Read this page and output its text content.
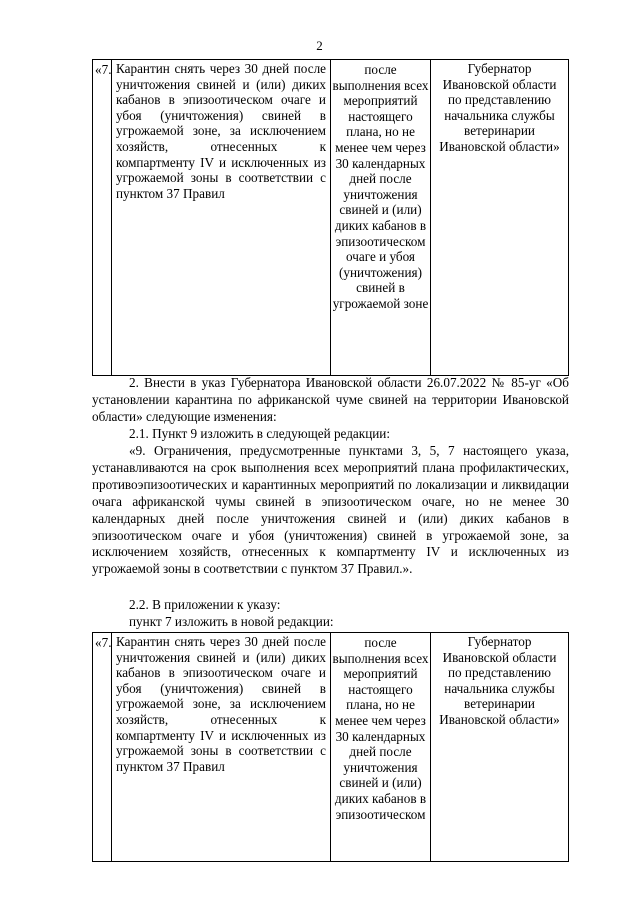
2
«7.	Карантин снять через 30 дней после уничтожения свиней и (или) диких кабанов в эпизоотическом очаге и убоя (уничтожения) свиней в угрожаемой зоне, за исключением хозяйств, отнесенных к компартменту IV и исключенных из угрожаемой зоны в соответствии с пунктом 37 Правил	после выполнения всех мероприятий настоящего плана, но не менее чем через 30 календарных дней после уничтожения свиней и (или) диких кабанов в эпизоотическом очаге и убоя (уничтожения) свиней в угрожаемой зоне	Губернатор Ивановской области по представлению начальника службы ветеринарии Ивановской области»
2. Внести в указ Губернатора Ивановской области 26.07.2022 № 85-уг «Об установлении карантина по африканской чуме свиней на территории Ивановской области» следующие изменения:
2.1. Пункт 9 изложить в следующей редакции:
«9. Ограничения, предусмотренные пунктами 3, 5, 7 настоящего указа, устанавливаются на срок выполнения всех мероприятий плана профилактических, противоэпизоотических и карантинных мероприятий по локализации и ликвидации очага африканской чумы свиней в эпизоотическом очаге, но не менее 30 календарных дней после уничтожения свиней и (или) диких кабанов в эпизоотическом очаге и убоя (уничтожения) свиней в угрожаемой зоне, за исключением хозяйств, отнесенных к компартменту IV и исключенных из угрожаемой зоны в соответствии с пунктом 37 Правил.».
2.2. В приложении к указу:
пункт 7 изложить в новой редакции:
«7.	Карантин снять через 30 дней после уничтожения свиней и (или) диких кабанов в эпизоотическом очаге и убоя (уничтожения) свиней в угрожаемой зоне, за исключением хозяйств, отнесенных к компартменту IV и исключенных из угрожаемой зоны в соответствии с пунктом 37 Правил	после выполнения всех мероприятий настоящего плана, но не менее чем через 30 календарных дней после уничтожения свиней и (или) диких кабанов в эпизоотическом	Губернатор Ивановской области по представлению начальника службы ветеринарии Ивановской области»
